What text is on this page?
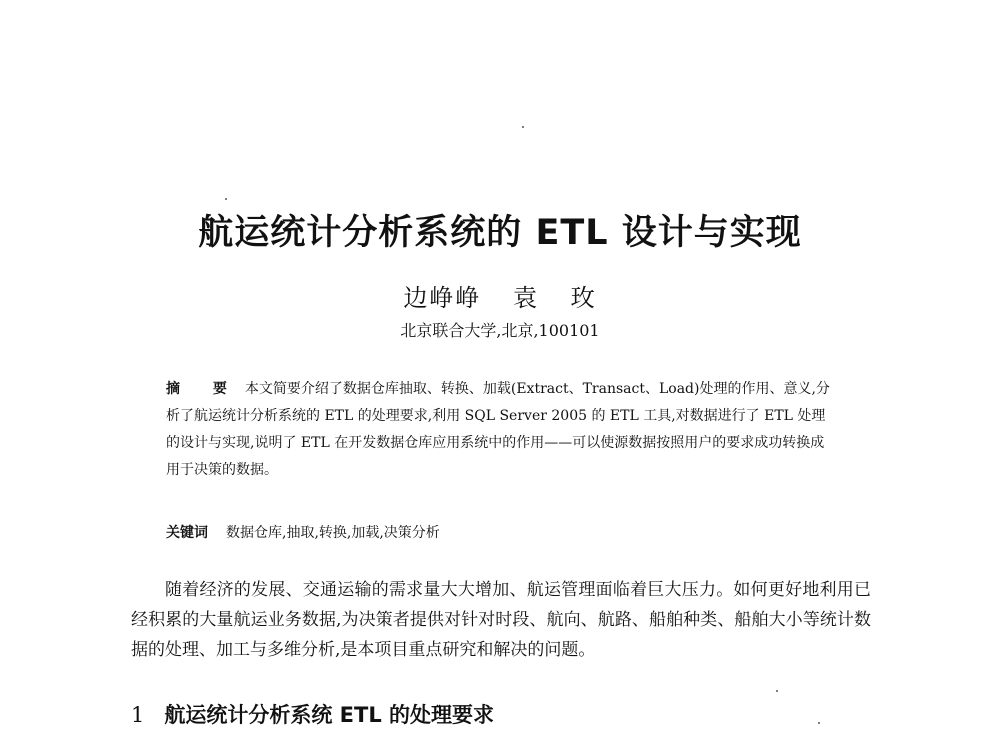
航运统计分析系统的 ETL 设计与实现
边峥峥 袁 玫
北京联合大学,北京,100101
摘 要 本文简要介绍了数据仓库抽取、转换、加载(Extract、Transact、Load)处理的作用、意义,分析了航运统计分析系统的 ETL 的处理要求,利用 SQL Server 2005 的 ETL 工具,对数据进行了 ETL 处理的设计与实现,说明了 ETL 在开发数据仓库应用系统中的作用——可以使源数据按照用户的要求成功转换成用于决策的数据。
关键词 数据仓库,抽取,转换,加载,决策分析
随着经济的发展、交通运输的需求量大大增加、航运管理面临着巨大压力。如何更好地利用已经积累的大量航运业务数据,为决策者提供对针对时段、航向、航路、船舶种类、船舶大小等统计数据的处理、加工与多维分析,是本项目重点研究和解决的问题。
1 航运统计分析系统 ETL 的处理要求
